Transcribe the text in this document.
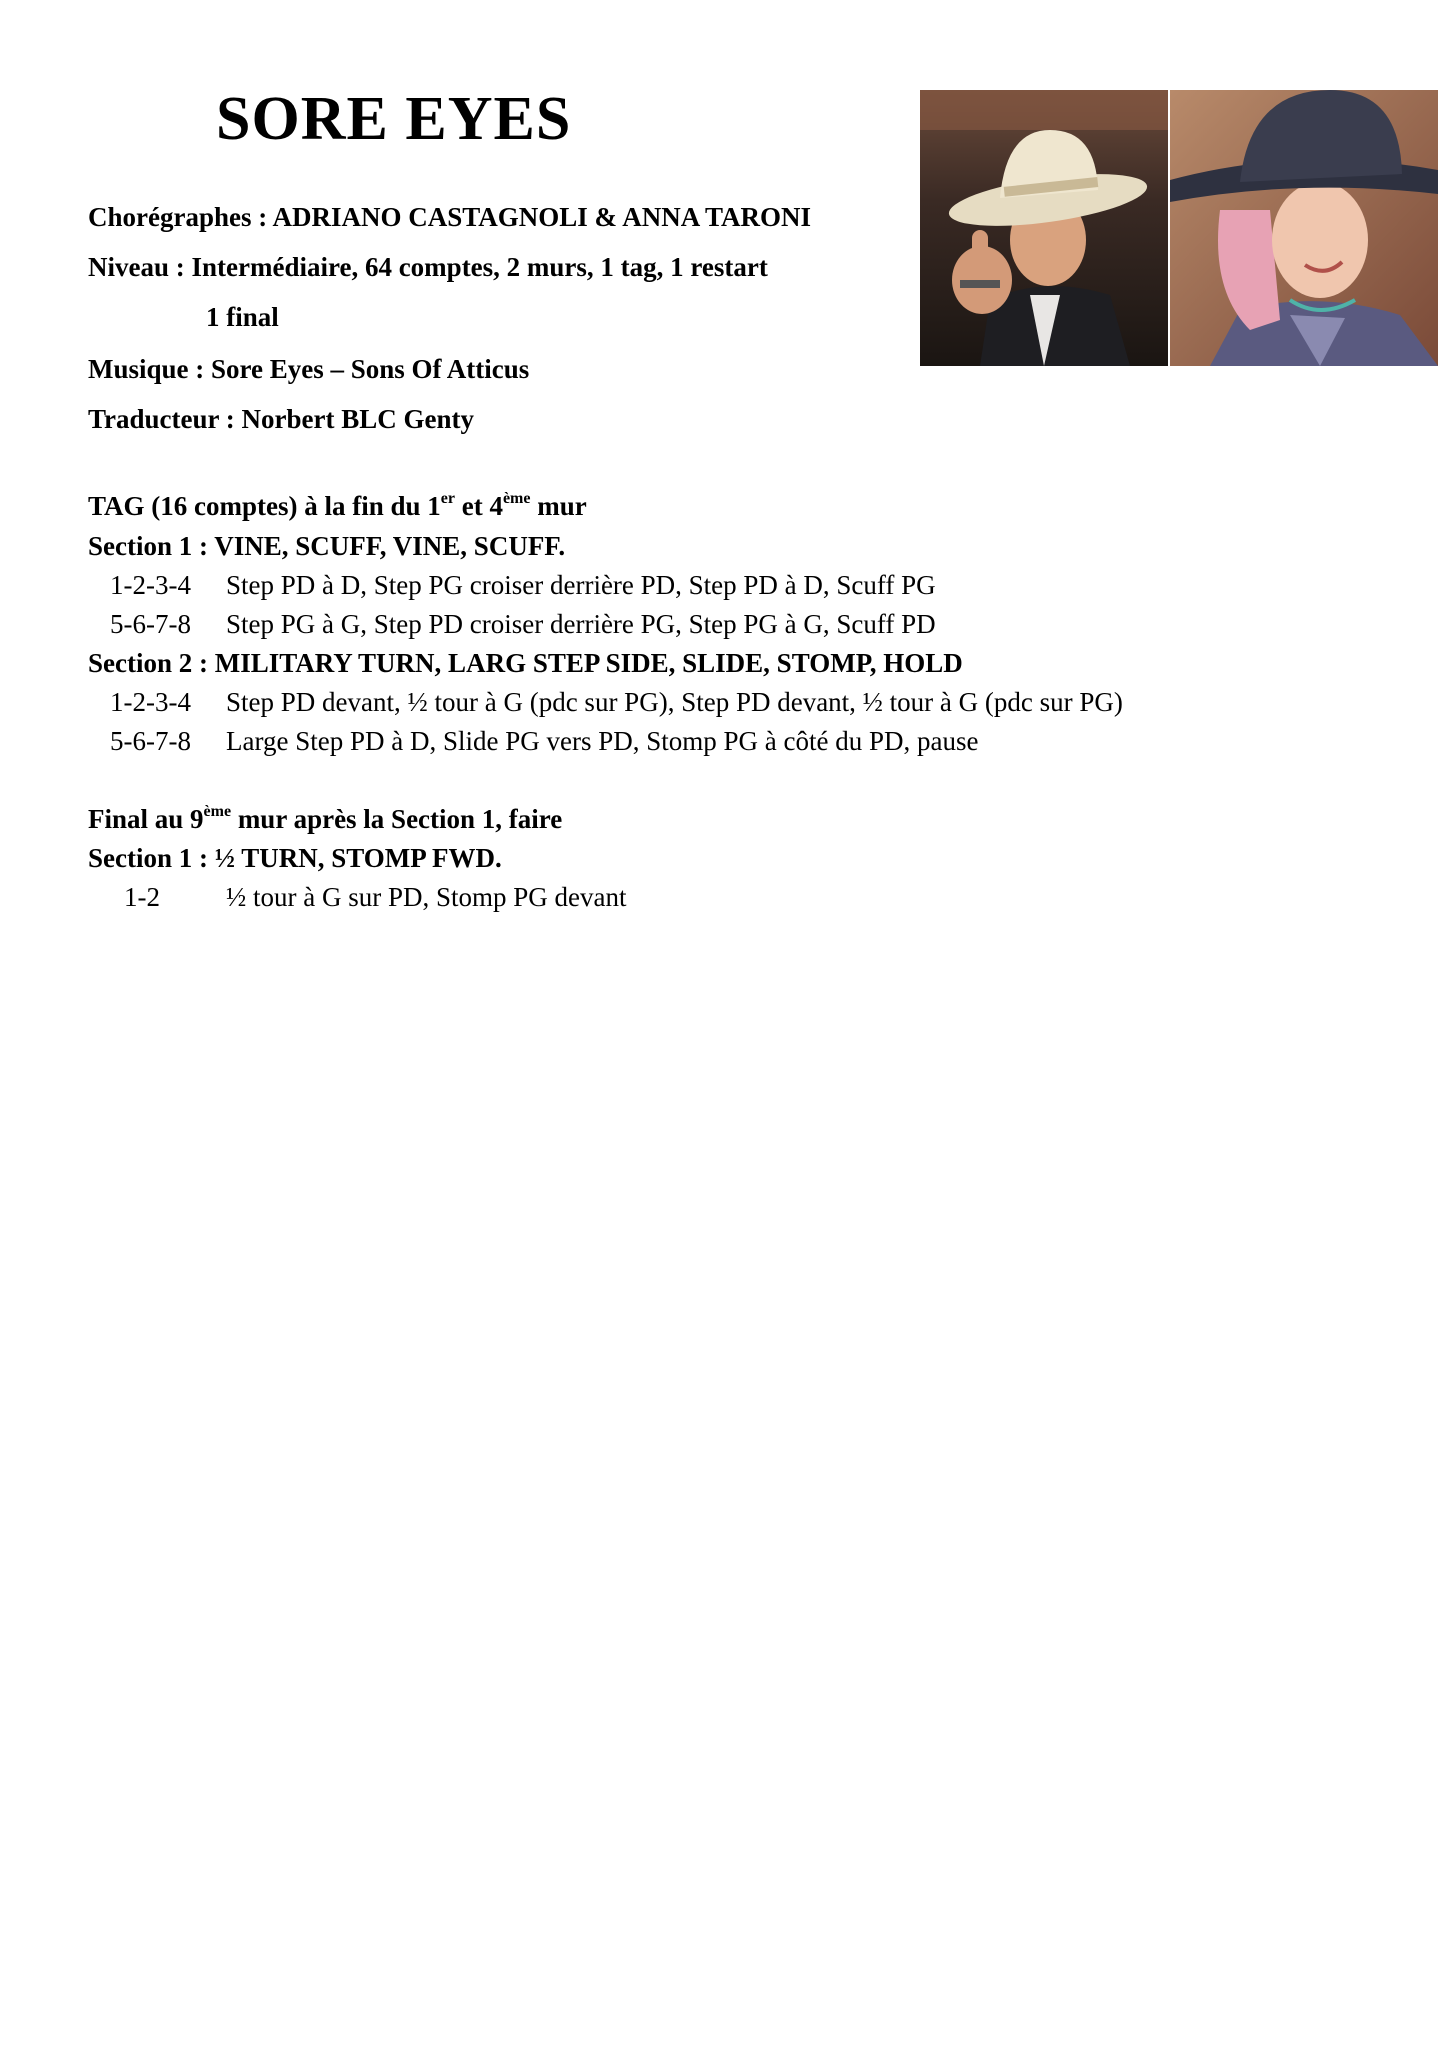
SORE EYES
Chorégraphes : ADRIANO CASTAGNOLI & ANNA TARONI
Niveau : Intermédiaire, 64 comptes, 2 murs, 1 tag, 1 restart
1 final
Musique : Sore Eyes – Sons Of Atticus
Traducteur : Norbert BLC Genty
TAG (16 comptes) à la fin du 1er et 4ème mur
Section 1 : VINE, SCUFF, VINE, SCUFF.
1-2-3-4 Step PD à D, Step PG croiser derrière PD, Step PD à D, Scuff PG
5-6-7-8 Step PG à G, Step PD croiser derrière PG, Step PG à G, Scuff PD
Section 2 : MILITARY TURN, LARG STEP SIDE, SLIDE, STOMP, HOLD
1-2-3-4 Step PD devant, ½ tour à G (pdc sur PG), Step PD devant, ½ tour à G (pdc sur PG)
5-6-7-8 Large Step PD à D, Slide PG vers PD, Stomp PG à côté du PD, pause
Final au 9ème mur après la Section 1, faire
Section 1 : ½ TURN, STOMP FWD.
1-2 ½ tour à G sur PD, Stomp PG devant
